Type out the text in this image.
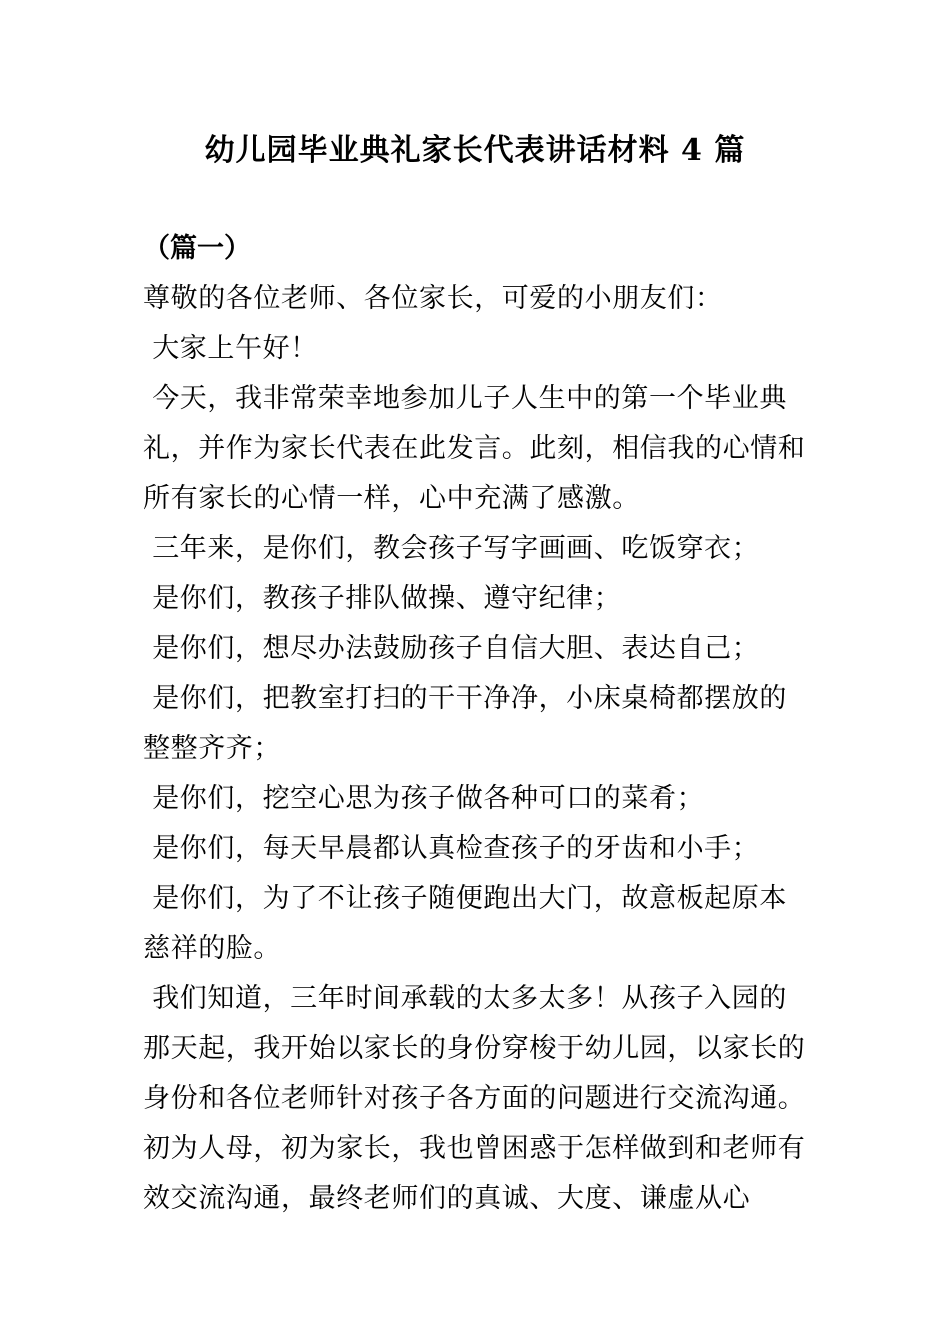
幼儿园毕业典礼家长代表讲话材料 4 篇
（篇一）

尊敬的各位老师、各位家长，可爱的小朋友们：

大家上午好！

今天，我非常荣幸地参加儿子人生中的第一个毕业典礼，并作为家长代表在此发言。此刻，相信我的心情和所有家长的心情一样，心中充满了感激。

三年来，是你们，教会孩子写字画画、吃饭穿衣；

是你们，教孩子排队做操、遵守纪律；

是你们，想尽办法鼓励孩子自信大胆、表达自己；

是你们，把教室打扫的干干净净，小床桌椅都摆放的整整齐齐；

是你们，挖空心思为孩子做各种可口的菜肴；

是你们，每天早晨都认真检查孩子的牙齿和小手；

是你们，为了不让孩子随便跑出大门，故意板起原本慈祥的脸。

我们知道，三年时间承载的太多太多！从孩子入园的那天起，我开始以家长的身份穿梭于幼儿园，以家长的身份和各位老师针对孩子各方面的问题进行交流沟通。初为人母，初为家长，我也曾困惑于怎样做到和老师有效交流沟通，最终老师们的真诚、大度、谦虚从心
